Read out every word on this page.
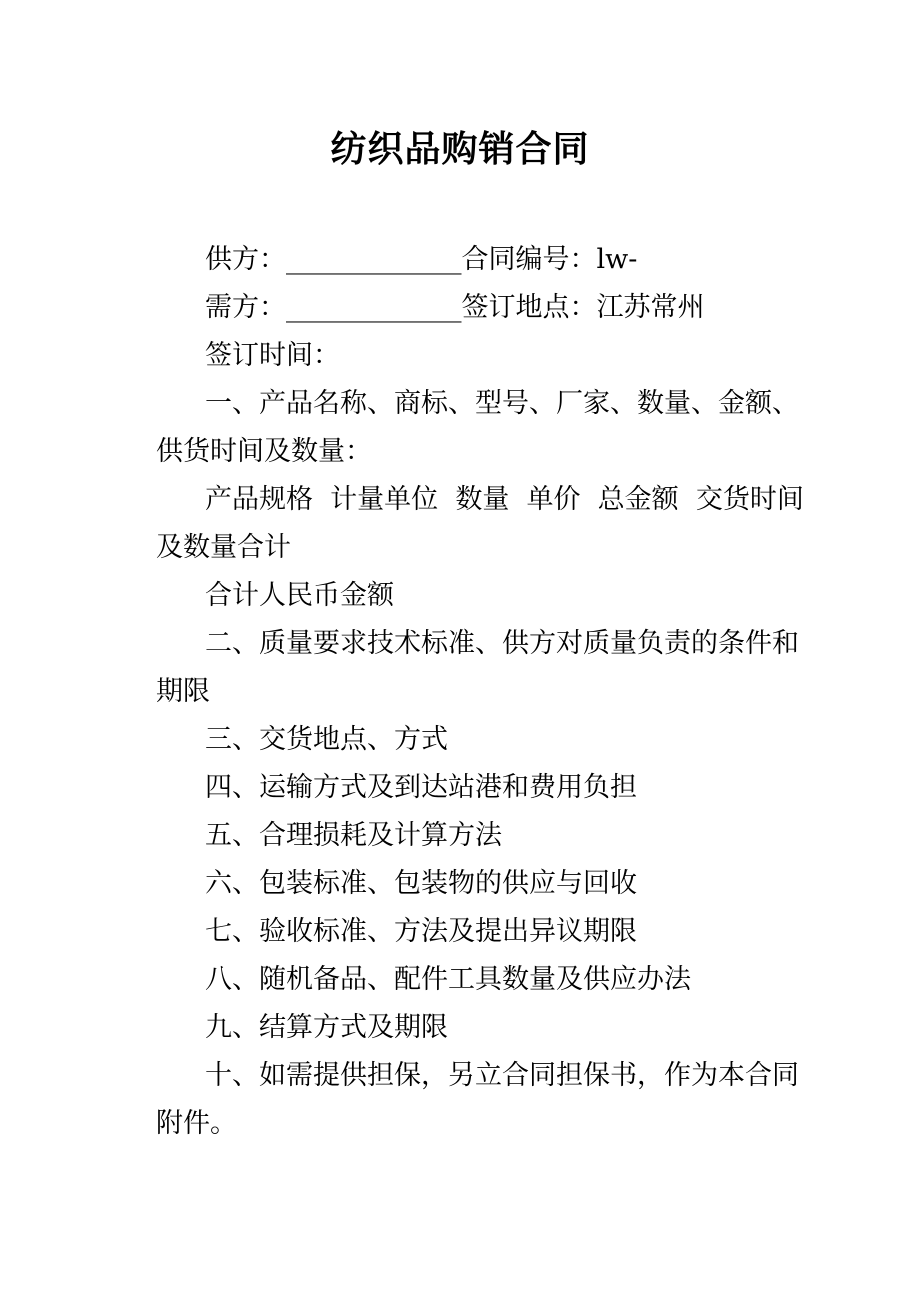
纺织品购销合同
供方：_____________合同编号：lw-
需方：_____________签订地点：江苏常州
签订时间：
一、产品名称、商标、型号、厂家、数量、金额、
供货时间及数量：
产品规格  计量单位  数量  单价  总金额  交货时间
及数量合计
合计人民币金额
二、质量要求技术标准、供方对质量负责的条件和
期限
三、交货地点、方式
四、运输方式及到达站港和费用负担
五、合理损耗及计算方法
六、包装标准、包装物的供应与回收
七、验收标准、方法及提出异议期限
八、随机备品、配件工具数量及供应办法
九、结算方式及期限
十、如需提供担保，另立合同担保书，作为本合同
附件。
